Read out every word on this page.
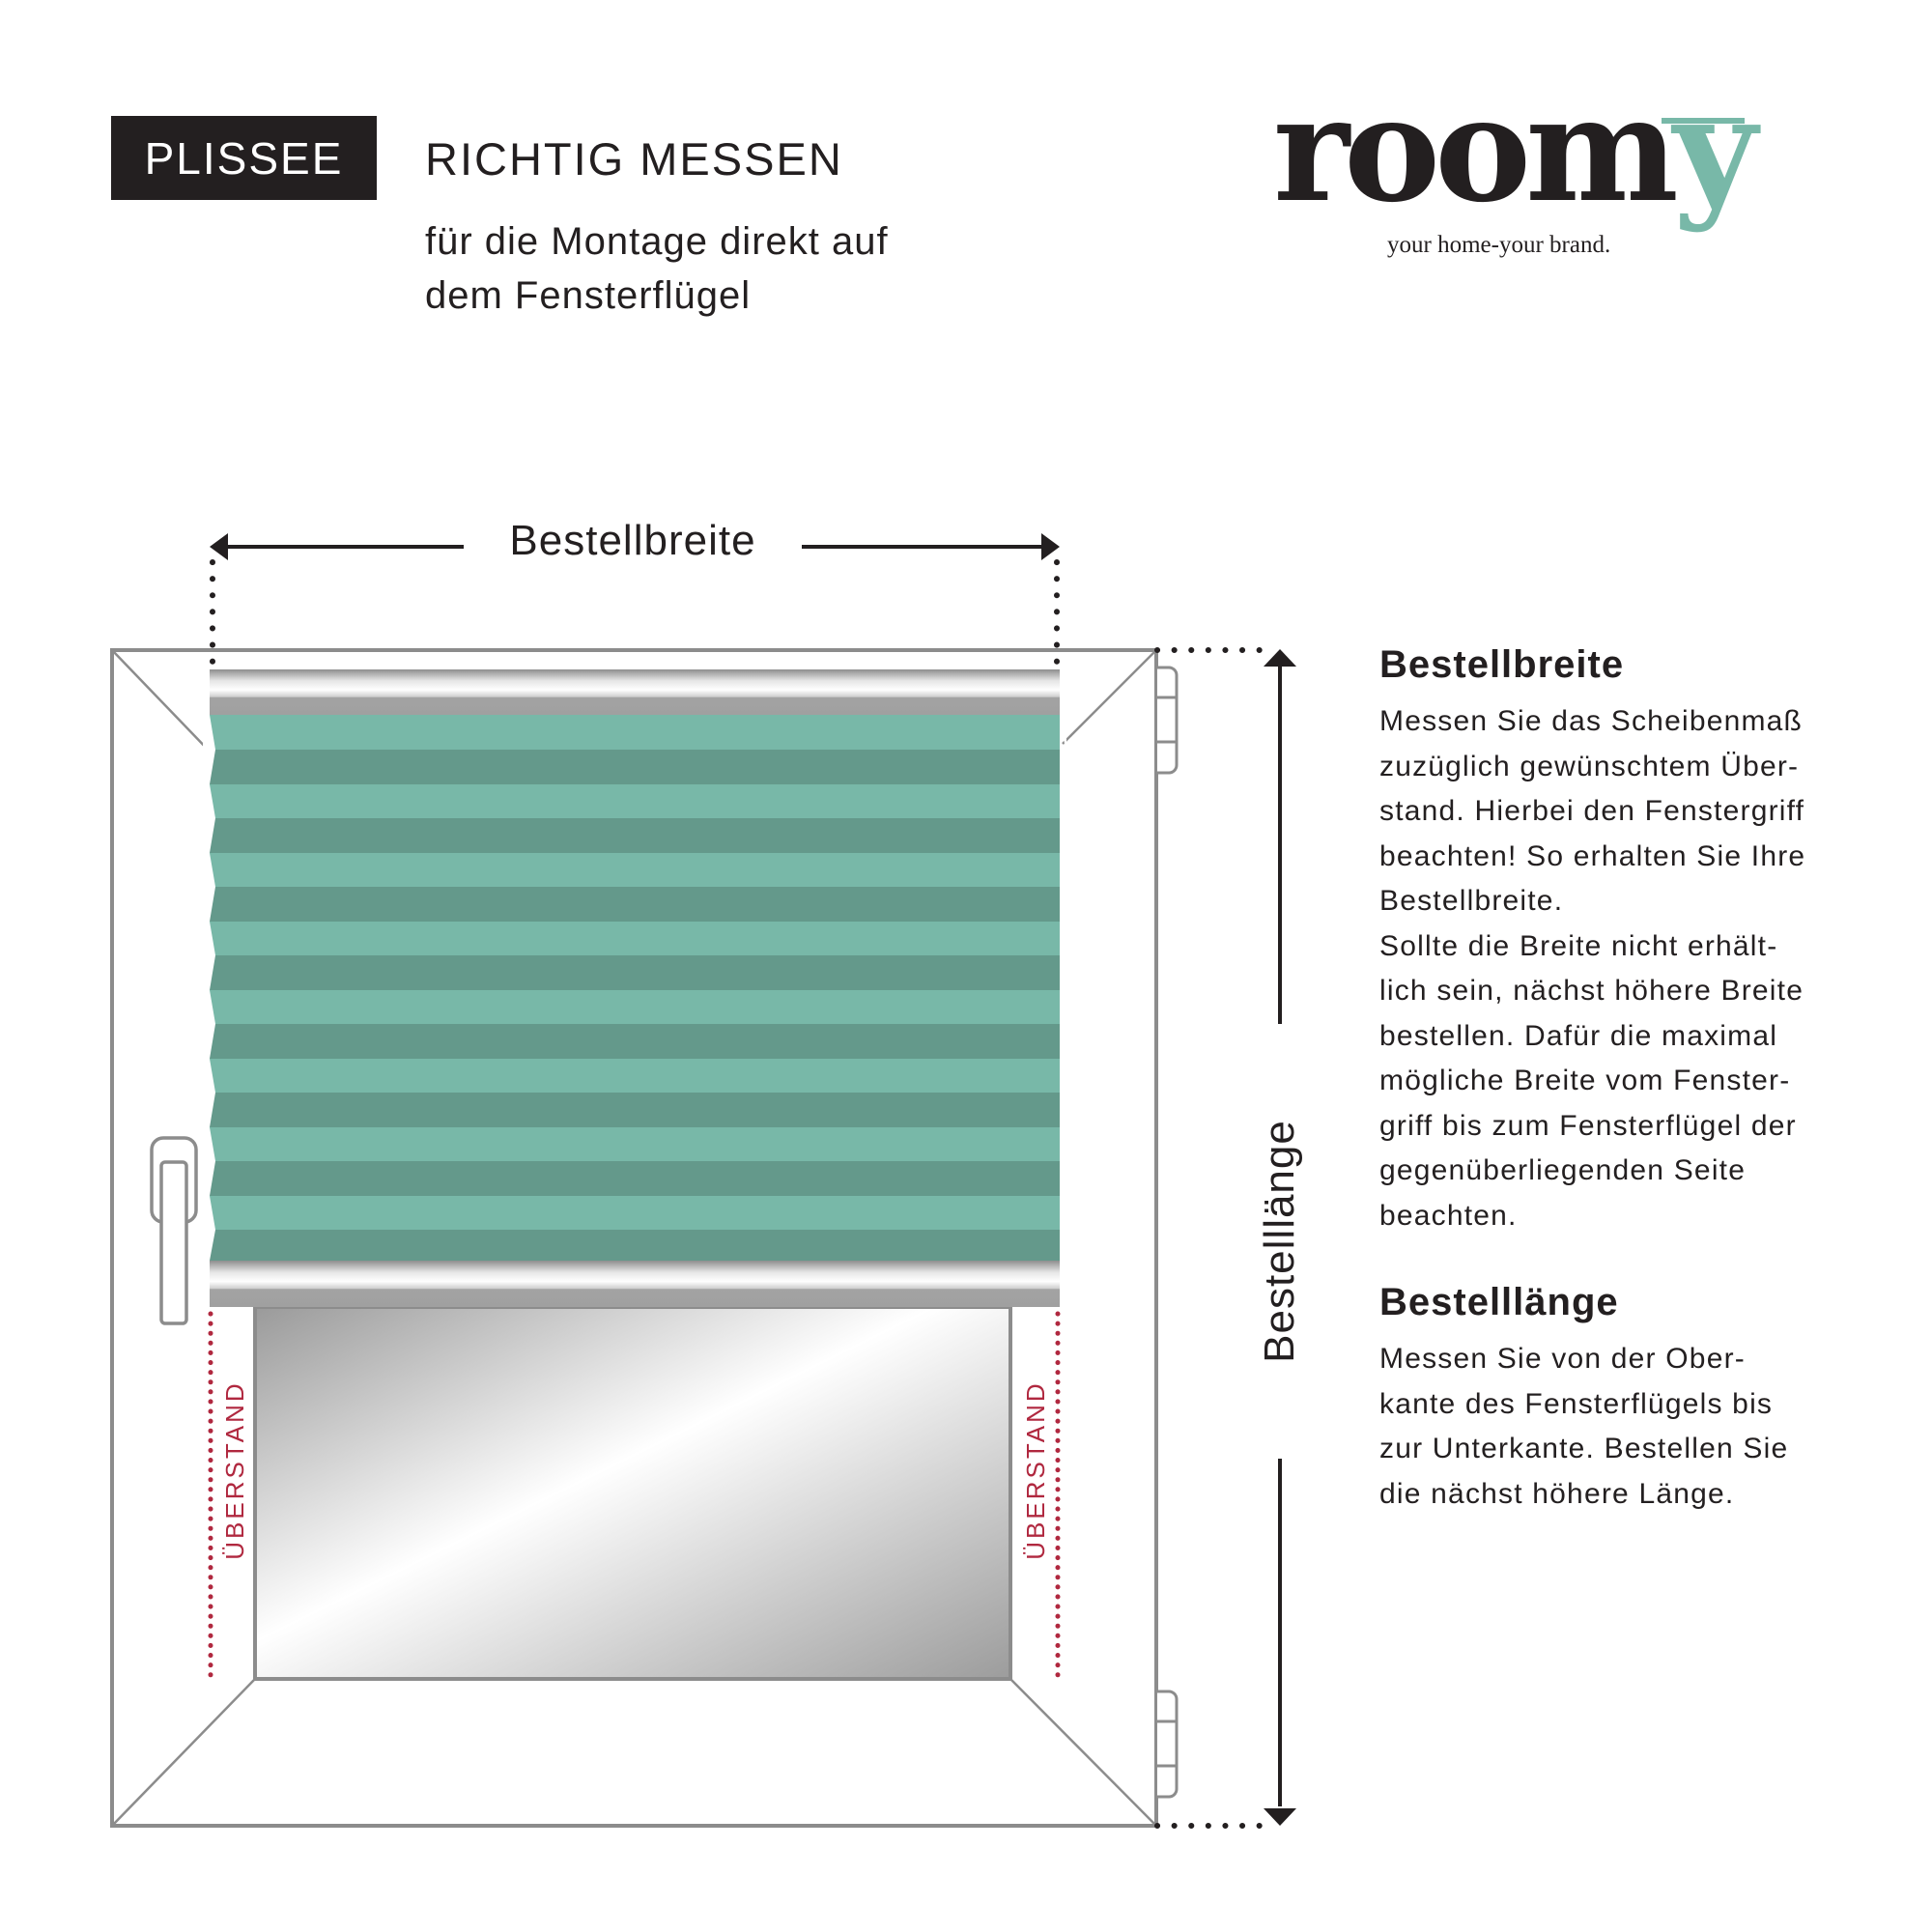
PLISSEE RICHTIG MESSEN
für die Montage direkt auf
dem Fensterflügel
roomy
your home-your brand.
Bestellbreite
Bestelllänge
ÜBERSTAND	ÜBERSTAND
Bestellbreite

Messen Sie das Scheibenmaß
zuzüglich gewünschtem Über-
stand. Hierbei den Fenstergriff
beachten! So erhalten Sie Ihre
Bestellbreite.
Sollte die Breite nicht erhält-
lich sein, nächst höhere Breite
bestellen. Dafür die maximal
mögliche Breite vom Fenster-
griff bis zum Fensterflügel der
gegenüberliegenden Seite
beachten.

Bestelllänge

Messen Sie von der Ober-
kante des Fensterflügels bis
zur Unterkante. Bestellen Sie
die nächst höhere Länge.
